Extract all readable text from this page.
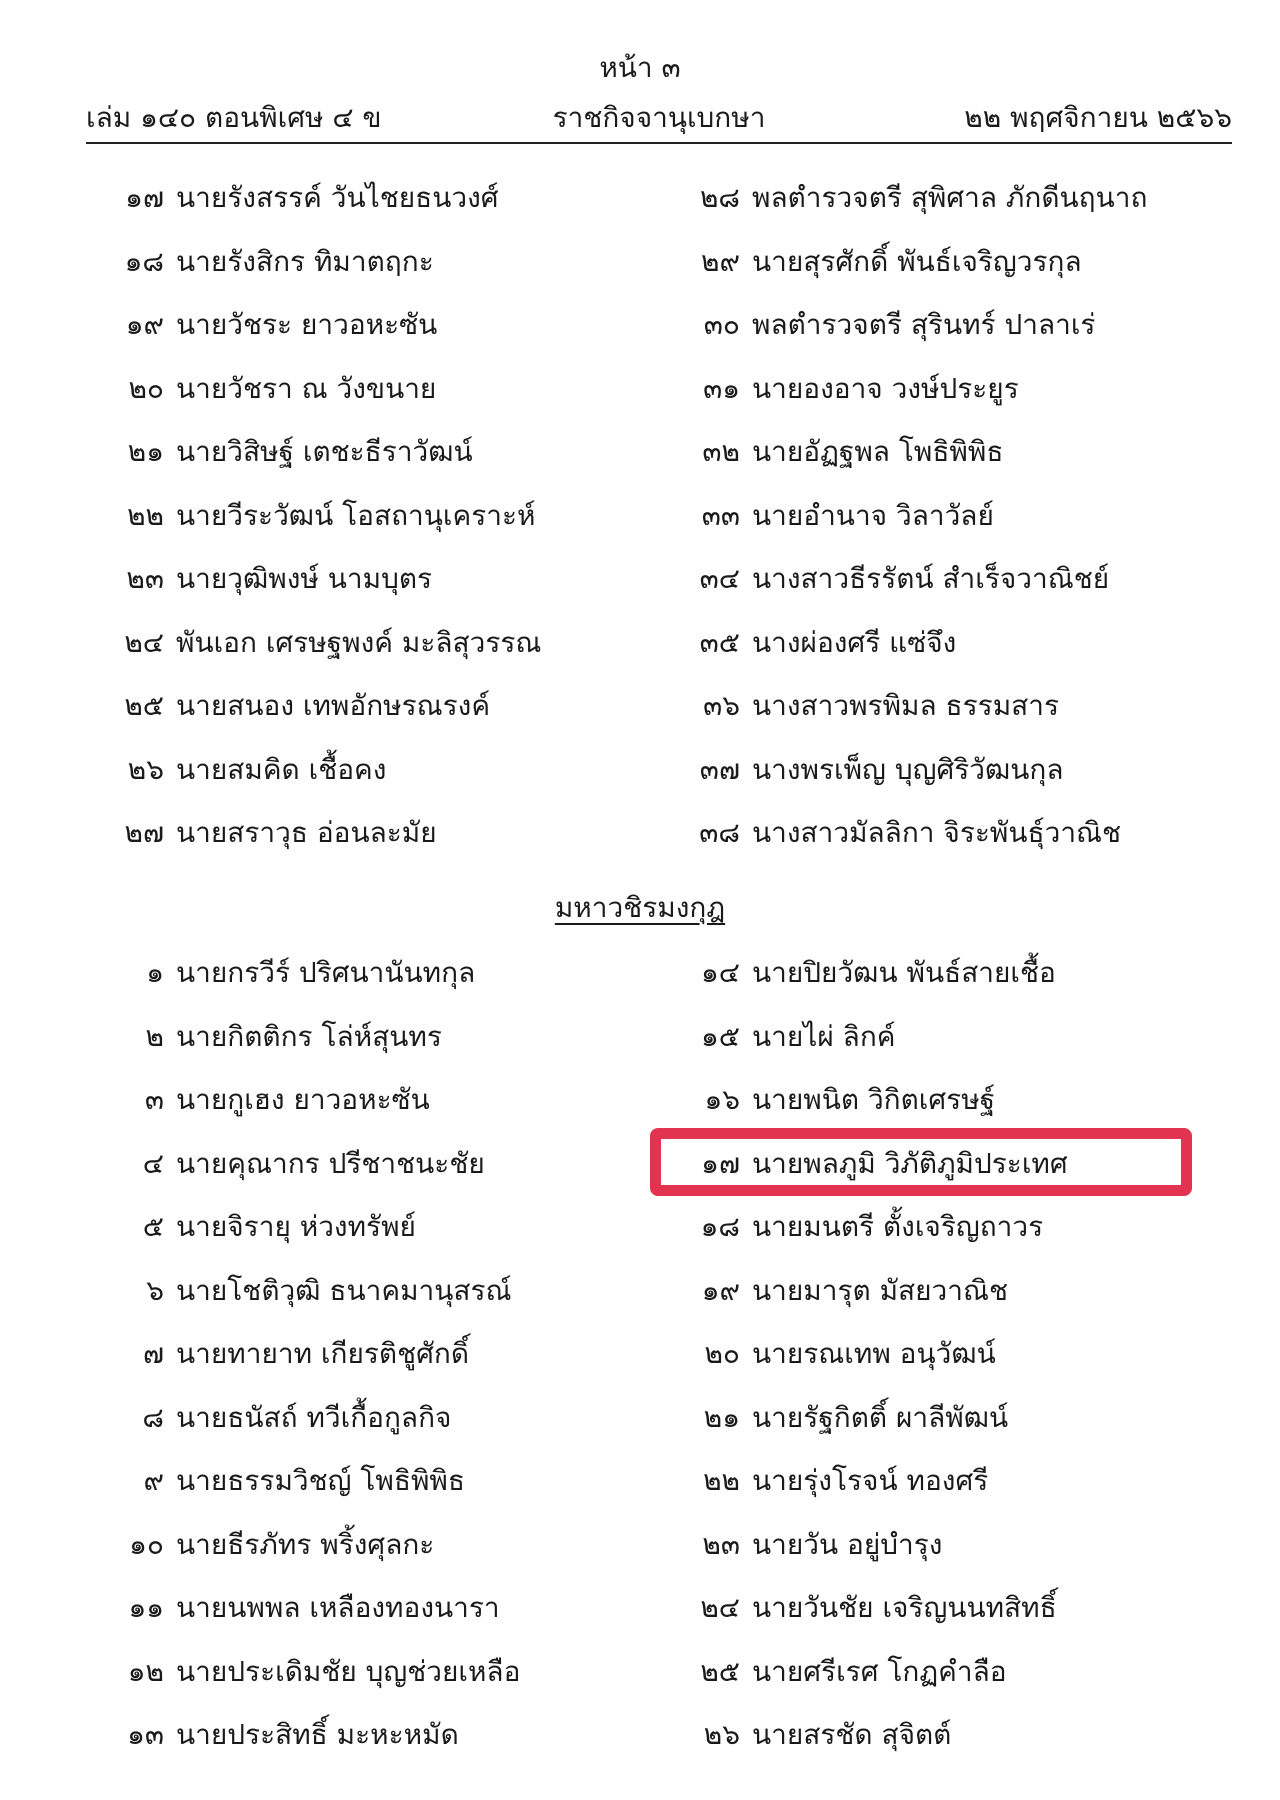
หน้า ๓
เล่ม ๑๔๐ ตอนพิเศษ ๔ ข	ราชกิจจานุเบกษา	๒๒ พฤศจิกายน ๒๕๖๖
๑๗ นายรังสรรค์ วันไชยธนวงศ์
๑๘ นายรังสิกร ทิมาตฤกะ
๑๙ นายวัชระ ยาวอหะซัน
๒๐ นายวัชรา ณ วังขนาย
๒๑ นายวิสิษฐ์ เตชะธีราวัฒน์
๒๒ นายวีระวัฒน์ โอสถานุเคราะห์
๒๓ นายวุฒิพงษ์ นามบุตร
๒๔ พันเอก เศรษฐพงค์ มะลิสุวรรณ
๒๕ นายสนอง เทพอักษรณรงค์
๒๖ นายสมคิด เชื้อคง
๒๗ นายสราวุธ อ่อนละมัย
๒๘ พลตำรวจตรี สุพิศาล ภักดีนฤนาถ
๒๙ นายสุรศักดิ์ พันธ์เจริญวรกุล
๓๐ พลตำรวจตรี สุรินทร์ ปาลาเร่
๓๑ นายองอาจ วงษ์ประยูร
๓๒ นายอัฏฐพล โพธิพิพิธ
๓๓ นายอำนาจ วิลาวัลย์
๓๔ นางสาวธีรรัตน์ สำเร็จวาณิชย์
๓๕ นางผ่องศรี แซ่จึง
๓๖ นางสาวพรพิมล ธรรมสาร
๓๗ นางพรเพ็ญ บุญศิริวัฒนกุล
๓๘ นางสาวมัลลิกา จิระพันธุ์วาณิช
มหาวชิรมงกุฎ
๑ นายกรวีร์ ปริศนานันทกุล
๒ นายกิตติกร โล่ห์สุนทร
๓ นายกูเฮง ยาวอหะซัน
๔ นายคุณากร ปรีชาชนะชัย
๕ นายจิรายุ ห่วงทรัพย์
๖ นายโชติวุฒิ ธนาคมานุสรณ์
๗ นายทายาท เกียรติชูศักดิ์
๘ นายธนัสถ์ ทวีเกื้อกูลกิจ
๙ นายธรรมวิชญ์ โพธิพิพิธ
๑๐ นายธีรภัทร พริ้งศุลกะ
๑๑ นายนพพล เหลืองทองนารา
๑๒ นายประเดิมชัย บุญช่วยเหลือ
๑๓ นายประสิทธิ์ มะหะหมัด
๑๔ นายปิยวัฒน พันธ์สายเชื้อ
๑๕ นายไผ่ ลิกค์
๑๖ นายพนิต วิกิตเศรษฐ์
๑๗ นายพลภูมิ วิภัติภูมิประเทศ
๑๘ นายมนตรี ตั้งเจริญถาวร
๑๙ นายมารุต มัสยวาณิช
๒๐ นายรณเทพ อนุวัฒน์
๒๑ นายรัฐกิตติ์ ผาลีพัฒน์
๒๒ นายรุ่งโรจน์ ทองศรี
๒๓ นายวัน อยู่บำรุง
๒๔ นายวันชัย เจริญนนทสิทธิ์
๒๕ นายศรีเรศ โกฏคำลือ
๒๖ นายสรชัด สุจิตต์
